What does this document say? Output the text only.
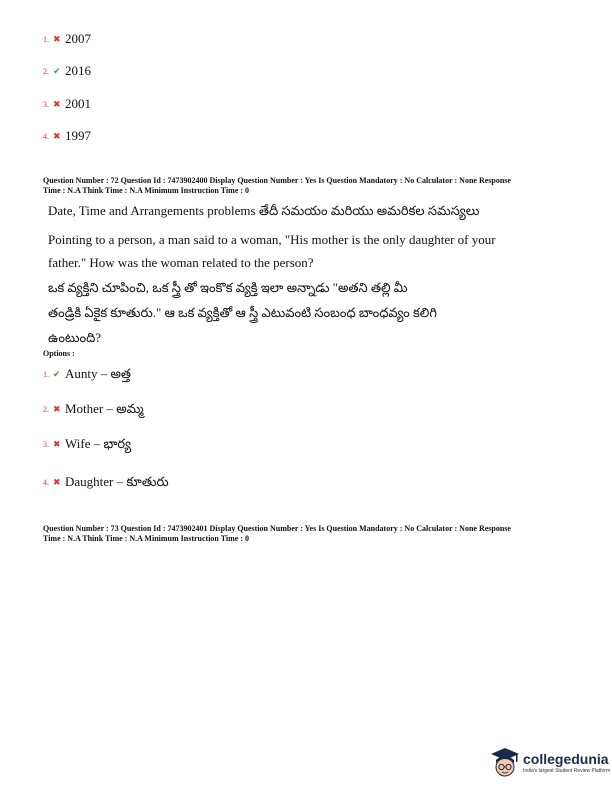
1. ✖ 2007
2. ✔ 2016
3. ✖ 2001
4. ✖ 1997
Question Number : 72 Question Id : 7473902400 Display Question Number : Yes Is Question Mandatory : No Calculator : None Response
Time : N.A Think Time : N.A Minimum Instruction Time : 0
Date, Time and Arrangements problems తేదీ సమయం మరియు అమరికల సమస్యలు
Pointing to a person, a man said to a woman, "His mother is the only daughter of your
father." How was the woman related to the person?
ఒక వ్యక్తిని చూపించి, ఒక స్త్రీ తో ఇంకొక వ్యక్తి ఇలా అన్నాడు "అతని తల్లి మీ
తండ్రికి ఏకైక కూతురు." ఆ ఒక వ్యక్తితో ఆ స్త్రీ ఎటువంటి సంబంధ బాంధవ్యం కలిగి
ఉంటుంది?
Options :
1. ✔ Aunty – అత్త
2. ✖ Mother – అమ్మ
3. ✖ Wife – భార్య
4. ✖ Daughter – కూతురు
Question Number : 73 Question Id : 7473902401 Display Question Number : Yes Is Question Mandatory : No Calculator : None Response
Time : N.A Think Time : N.A Minimum Instruction Time : 0
collegedunia
India's largest Student Review Platform
